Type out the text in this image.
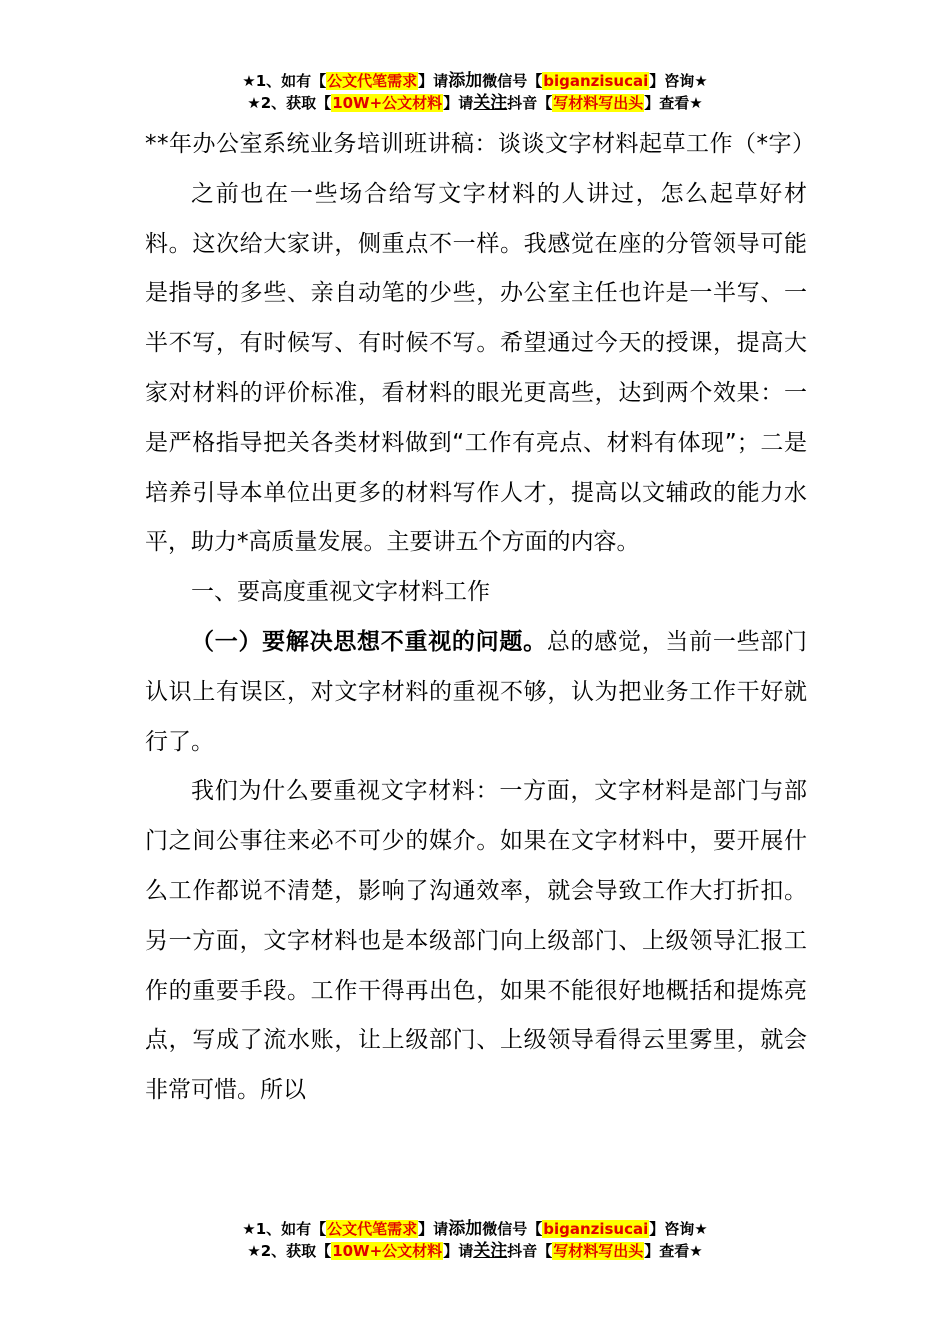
★1、如有【公文代笔需求】请添加微信号【biganzisucai】咨询★
★2、获取【10W+公文材料】请关注抖音【写材料写出头】查看★

**年办公室系统业务培训班讲稿：谈谈文字材料起草工作（*字）

之前也在一些场合给写文字材料的人讲过，怎么起草好材料。这次给大家讲，侧重点不一样。我感觉在座的分管领导可能是指导的多些、亲自动笔的少些，办公室主任也许是一半写、一半不写，有时候写、有时候不写。希望通过今天的授课，提高大家对材料的评价标准，看材料的眼光更高些，达到两个效果：一是严格指导把关各类材料做到“工作有亮点、材料有体现”；二是培养引导本单位出更多的材料写作人才，提高以文辅政的能力水平，助力*高质量发展。主要讲五个方面的内容。

一、要高度重视文字材料工作

（一）要解决思想不重视的问题。总的感觉，当前一些部门认识上有误区，对文字材料的重视不够，认为把业务工作干好就行了。

我们为什么要重视文字材料：一方面，文字材料是部门与部门之间公事往来必不可少的媒介。如果在文字材料中，要开展什么工作都说不清楚，影响了沟通效率，就会导致工作大打折扣。另一方面，文字材料也是本级部门向上级部门、上级领导汇报工作的重要手段。工作干得再出色，如果不能很好地概括和提炼亮点，写成了流水账，让上级部门、上级领导看得云里雾里，就会非常可惜。所以

★1、如有【公文代笔需求】请添加微信号【biganzisucai】咨询★
★2、获取【10W+公文材料】请关注抖音【写材料写出头】查看★
